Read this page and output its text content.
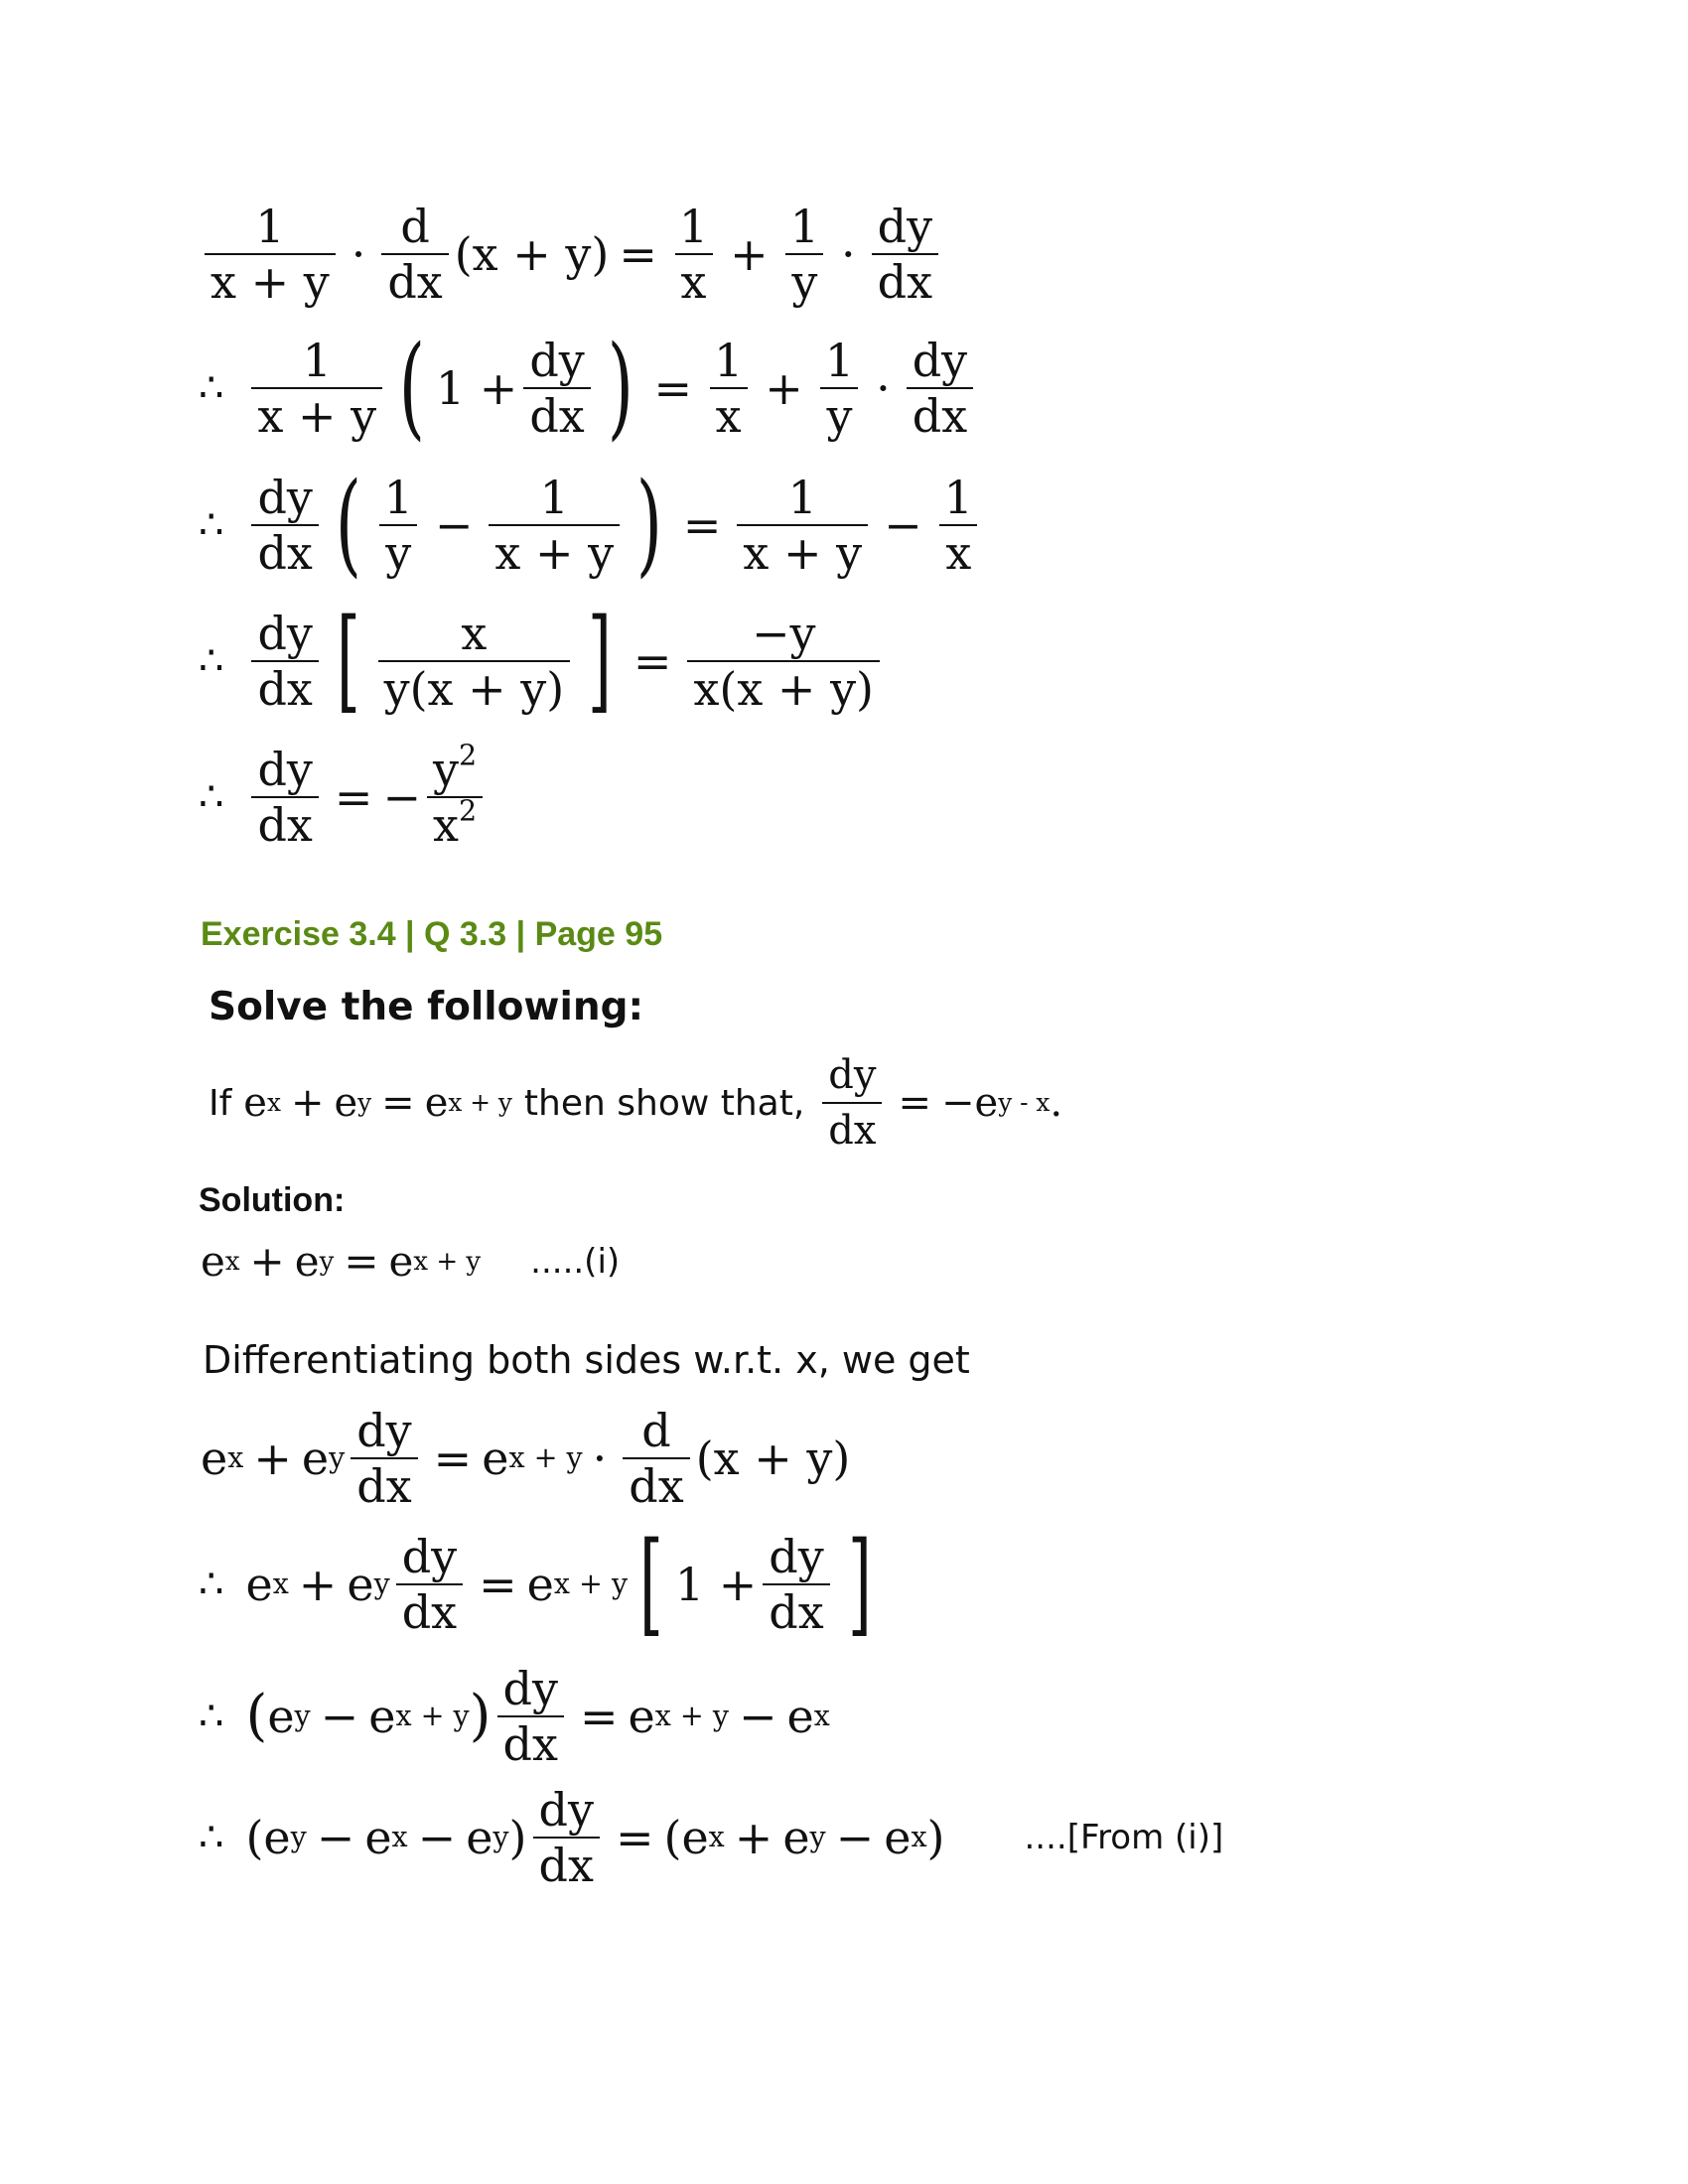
$\frac{1}{x + y} \cdot \frac{d}{dx} (x + y) = \frac{1}{x} + \frac{1}{y} \cdot \frac{dy}{dx}$
∴ $\frac{1}{x + y}$ ( $1 + \frac{dy}{dx}$ ) = $\frac{1}{x} + \frac{1}{y} \cdot \frac{dy}{dx}$
∴ $\frac{dy}{dx}$ ( $\frac{1}{y} - \frac{1}{x + y}$ ) = $\frac{1}{x + y} - \frac{1}{x}$
∴ $\frac{dy}{dx}$ [ $\frac{x}{y(x + y)}$ ] = $\frac{-y}{x(x + y)}$
∴ $\frac{dy}{dx}$ = − $\frac{y^2}{x^2}$
Exercise 3.4 | Q 3.3 | Page 95
Solve the following:
If e x + e y = e x + y then show that, $\frac{dy}{dx}$ = − e y - x .
Solution:
e x + e y = e x + y .....(i)
Differentiating both sides w.r.t. x, we get
e x + e y $\frac{dy}{dx} = e$ $x + y \cdot \frac{d}{dx} (x + y)$
∴ e x + e y $\frac{dy}{dx} = e$ x + y [ $1 + \frac{dy}{dx}$ ]
∴ ( e y − e x + y ) $\frac{dy}{dx} = e$ x + y − e x
∴ ( e y − e x − e y ) $\frac{dy}{dx}$ = ( e x + e y − e x ) ....[From (i)]
